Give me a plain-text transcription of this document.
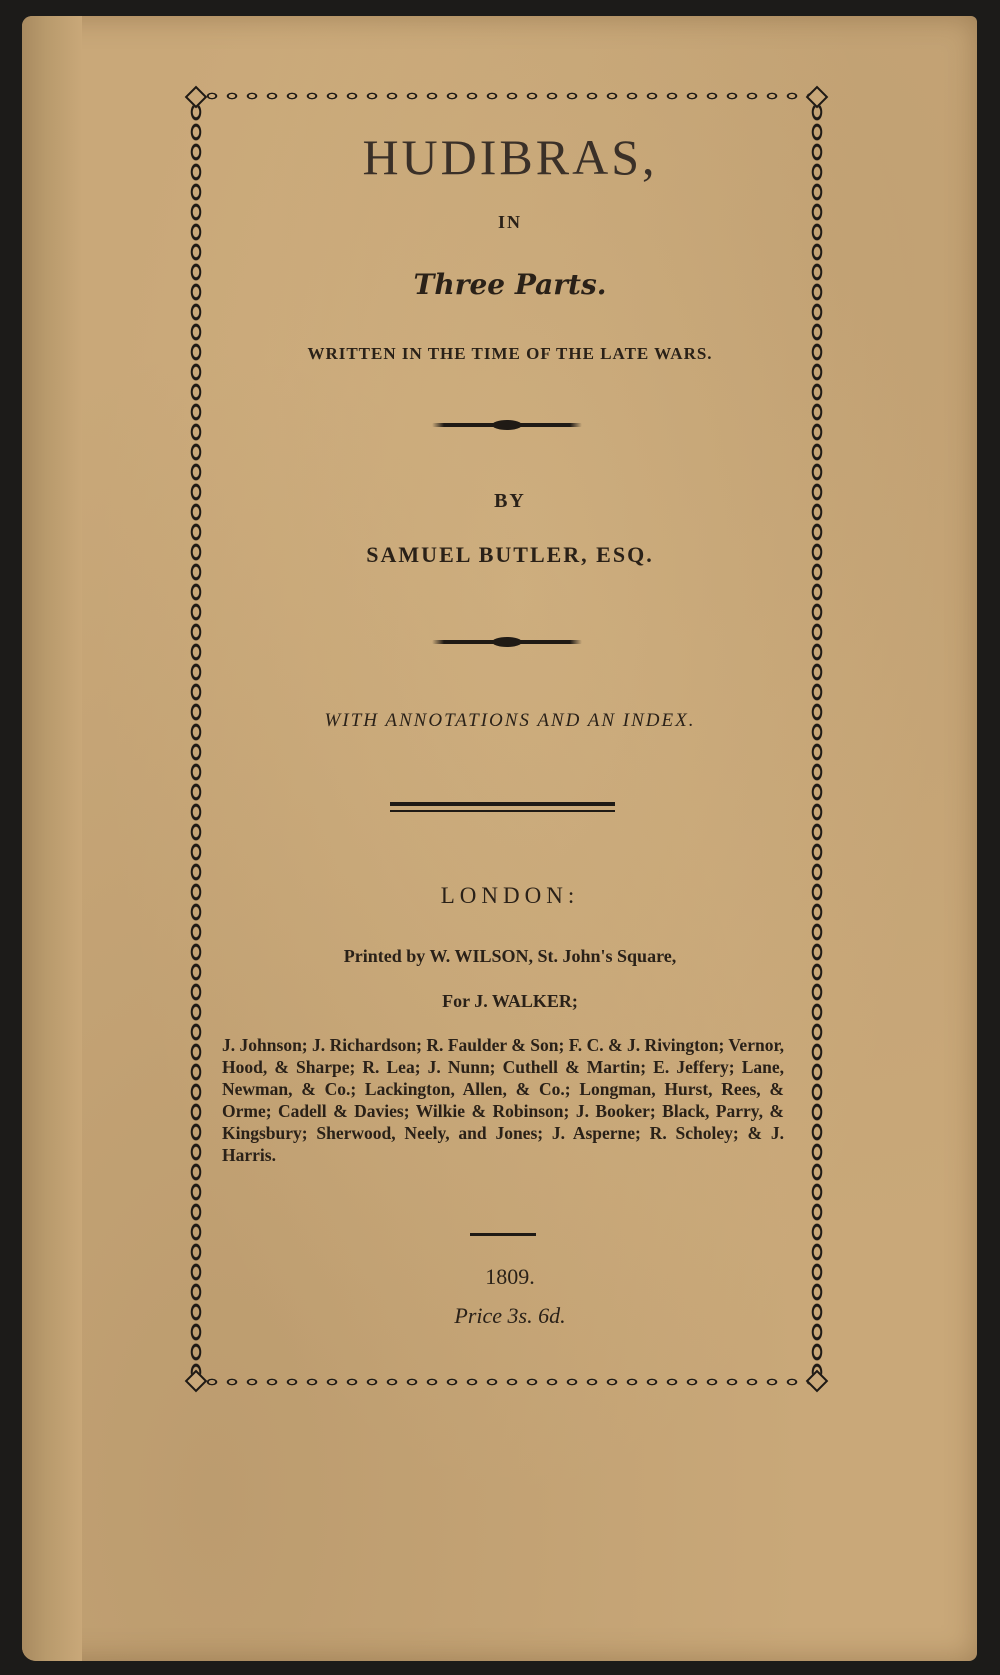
HUDIBRAS,
IN
Three Parts.
WRITTEN IN THE TIME OF THE LATE WARS.
BY
SAMUEL BUTLER, ESQ.
WITH ANNOTATIONS AND AN INDEX.
LONDON:
Printed by W. WILSON, St. John's Square,
For J. WALKER;
J. Johnson; J. Richardson; R. Faulder & Son; F. C. & J. Rivington; Vernor, Hood, & Sharpe; R. Lea; J. Nunn; Cuthell & Martin; E. Jeffery; Lane, Newman, & Co.; Lackington, Allen, & Co.; Longman, Hurst, Rees, & Orme; Cadell & Davies; Wilkie & Robinson; J. Booker; Black, Parry, & Kingsbury; Sherwood, Neely, and Jones; J. Asperne; R. Scholey; & J. Harris.
1809.
Price 3s. 6d.
